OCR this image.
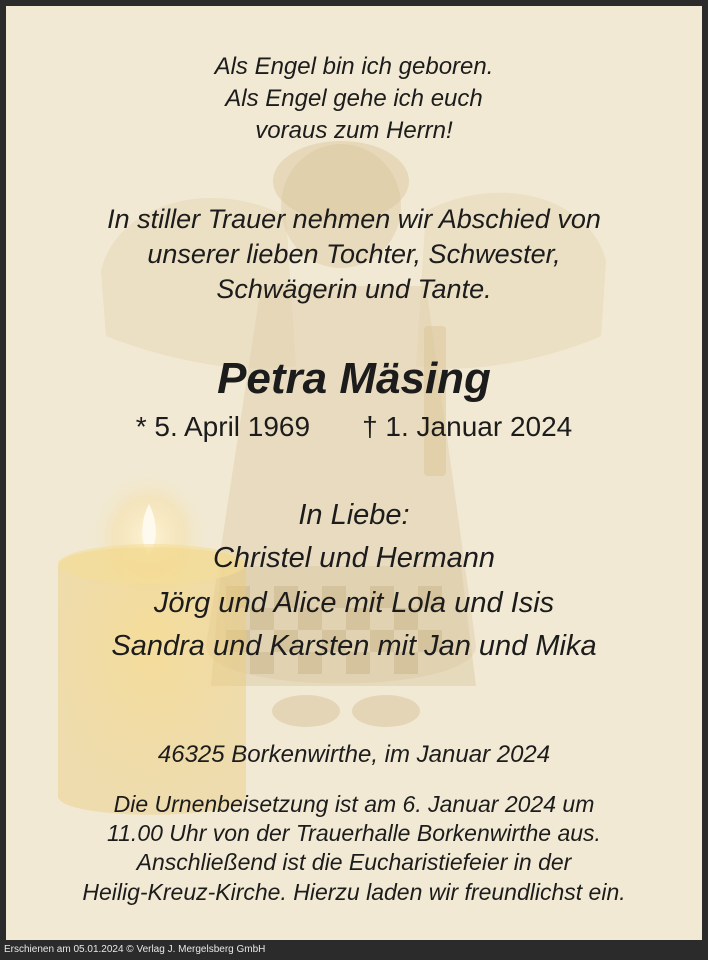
Als Engel bin ich geboren.
Als Engel gehe ich euch
voraus zum Herrn!
In stiller Trauer nehmen wir Abschied von
unserer lieben Tochter, Schwester,
Schwägerin und Tante.
Petra Mäsing
* 5. April 1969 † 1. Januar 2024
In Liebe:
Christel und Hermann
Jörg und Alice mit Lola und Isis
Sandra und Karsten mit Jan und Mika
46325 Borkenwirthe, im Januar 2024
Die Urnenbeisetzung ist am 6. Januar 2024 um
11.00 Uhr von der Trauerhalle Borkenwirthe aus.
Anschließend ist die Eucharistiefeier in der
Heilig-Kreuz-Kirche. Hierzu laden wir freundlichst ein.
Erschienen am 05.01.2024 © Verlag J. Mergelsberg GmbH
